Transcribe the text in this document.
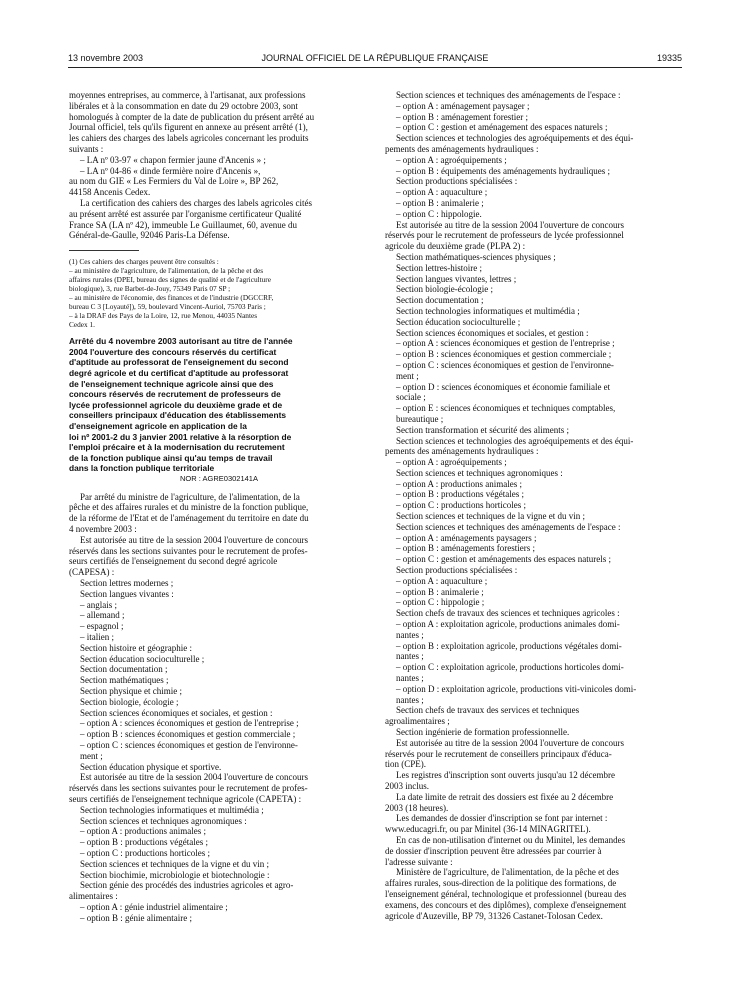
13 novembre 2003	JOURNAL OFFICIEL DE LA RÉPUBLIQUE FRANÇAISE	19335
moyennes entreprises, au commerce, à l'artisanat, aux professions
libérales et à la consommation en date du 29 octobre 2003, sont
homologués à compter de la date de publication du présent arrêté au
Journal officiel, tels qu'ils figurent en annexe au présent arrêté (1),
les cahiers des charges des labels agricoles concernant les produits
suivants :
– LA nº 03-97 « chapon fermier jaune d'Ancenis » ;
– LA nº 04-86 « dinde fermière noire d'Ancenis »,
au nom du GIE « Les Fermiers du Val de Loire », BP 262,
44158 Ancenis Cedex.
La certification des cahiers des charges des labels agricoles cités
au présent arrêté est assurée par l'organisme certificateur Qualité
France SA (LA nº 42), immeuble Le Guillaumet, 60, avenue du
Général-de-Gaulle, 92046 Paris-La Défense.
(1) Ces cahiers des charges peuvent être consultés :
– au ministère de l'agriculture, de l'alimentation, de la pêche et des
affaires rurales (DPEI, bureau des signes de qualité et de l'agriculture
biologique), 3, rue Barbet-de-Jouy, 75349 Paris 07 SP ;
– au ministère de l'économie, des finances et de l'industrie (DGCCRF,
bureau C 3 [Loyauté]), 59, boulevard Vincent-Auriol, 75703 Paris ;
– à la DRAF des Pays de la Loire, 12, rue Menou, 44035 Nantes
Cedex 1.
Arrêté du 4 novembre 2003 autorisant au titre de l'année
2004 l'ouverture des concours réservés du certificat
d'aptitude au professorat de l'enseignement du second
degré agricole et du certificat d'aptitude au professorat
de l'enseignement technique agricole ainsi que des
concours réservés de recrutement de professeurs de
lycée professionnel agricole du deuxième grade et de
conseillers principaux d'éducation des établissements
d'enseignement agricole en application de la
loi nº 2001-2 du 3 janvier 2001 relative à la résorption de
l'emploi précaire et à la modernisation du recrutement
de la fonction publique ainsi qu'au temps de travail
dans la fonction publique territoriale
NOR : AGRE0302141A
Par arrêté du ministre de l'agriculture, de l'alimentation, de la
pêche et des affaires rurales et du ministre de la fonction publique,
de la réforme de l'Etat et de l'aménagement du territoire en date du
4 novembre 2003 :
Est autorisée au titre de la session 2004 l'ouverture de concours
réservés dans les sections suivantes pour le recrutement de profes-
seurs certifiés de l'enseignement du second degré agricole
(CAPESA) :
Section lettres modernes ;
Section langues vivantes :
– anglais ;
– allemand ;
– espagnol ;
– italien ;
Section histoire et géographie :
Section éducation socioculturelle ;
Section documentation ;
Section mathématiques ;
Section physique et chimie ;
Section biologie, écologie ;
Section sciences économiques et sociales, et gestion :
– option A : sciences économiques et gestion de l'entreprise ;
– option B : sciences économiques et gestion commerciale ;
– option C : sciences économiques et gestion de l'environne-
ment ;
Section éducation physique et sportive.
Est autorisée au titre de la session 2004 l'ouverture de concours
réservés dans les sections suivantes pour le recrutement de profes-
seurs certifiés de l'enseignement technique agricole (CAPETA) :
Section technologies informatiques et multimédia ;
Section sciences et techniques agronomiques :
– option A : productions animales ;
– option B : productions végétales ;
– option C : productions horticoles ;
Section sciences et techniques de la vigne et du vin ;
Section biochimie, microbiologie et biotechnologie :
Section génie des procédés des industries agricoles et agro-
alimentaires :
– option A : génie industriel alimentaire ;
– option B : génie alimentaire ;
Section sciences et techniques des aménagements de l'espace :
– option A : aménagement paysager ;
– option B : aménagement forestier ;
– option C : gestion et aménagement des espaces naturels ;
Section sciences et technologies des agroéquipements et des équi-
pements des aménagements hydrauliques :
– option A : agroéquipements ;
– option B : équipements des aménagements hydrauliques ;
Section productions spécialisées :
– option A : aquaculture ;
– option B : animalerie ;
– option C : hippologie.
Est autorisée au titre de la session 2004 l'ouverture de concours
réservés pour le recrutement de professeurs de lycée professionnel
agricole du deuxième grade (PLPA 2) :
Section mathématiques-sciences physiques ;
Section lettres-histoire ;
Section langues vivantes, lettres ;
Section biologie-écologie ;
Section documentation ;
Section technologies informatiques et multimédia ;
Section éducation socioculturelle ;
Section sciences économiques et sociales, et gestion :
– option A : sciences économiques et gestion de l'entreprise ;
– option B : sciences économiques et gestion commerciale ;
– option C : sciences économiques et gestion de l'environne-
ment ;
– option D : sciences économiques et économie familiale et
sociale ;
– option E : sciences économiques et techniques comptables,
bureautique ;
Section transformation et sécurité des aliments ;
Section sciences et technologies des agroéquipements et des équi-
pements des aménagements hydrauliques :
– option A : agroéquipements ;
Section sciences et techniques agronomiques :
– option A : productions animales ;
– option B : productions végétales ;
– option C : productions horticoles ;
Section sciences et techniques de la vigne et du vin ;
Section sciences et techniques des aménagements de l'espace :
– option A : aménagements paysagers ;
– option B : aménagements forestiers ;
– option C : gestion et aménagements des espaces naturels ;
Section productions spécialisées :
– option A : aquaculture ;
– option B : animalerie ;
– option C : hippologie ;
Section chefs de travaux des sciences et techniques agricoles :
– option A : exploitation agricole, productions animales domi-
nantes ;
– option B : exploitation agricole, productions végétales domi-
nantes ;
– option C : exploitation agricole, productions horticoles domi-
nantes ;
– option D : exploitation agricole, productions viti-vinicoles domi-
nantes ;
Section chefs de travaux des services et techniques
agroalimentaires ;
Section ingénierie de formation professionnelle.
Est autorisée au titre de la session 2004 l'ouverture de concours
réservés pour le recrutement de conseillers principaux d'éduca-
tion (CPE).
Les registres d'inscription sont ouverts jusqu'au 12 décembre
2003 inclus.
La date limite de retrait des dossiers est fixée au 2 décembre
2003 (18 heures).
Les demandes de dossier d'inscription se font par internet :
www.educagri.fr, ou par Minitel (36-14 MINAGRITEL).
En cas de non-utilisation d'internet ou du Minitel, les demandes
de dossier d'inscription peuvent être adressées par courrier à
l'adresse suivante :
Ministère de l'agriculture, de l'alimentation, de la pêche et des
affaires rurales, sous-direction de la politique des formations, de
l'enseignement général, technologique et professionnel (bureau des
examens, des concours et des diplômes), complexe d'enseignement
agricole d'Auzeville, BP 79, 31326 Castanet-Tolosan Cedex.
